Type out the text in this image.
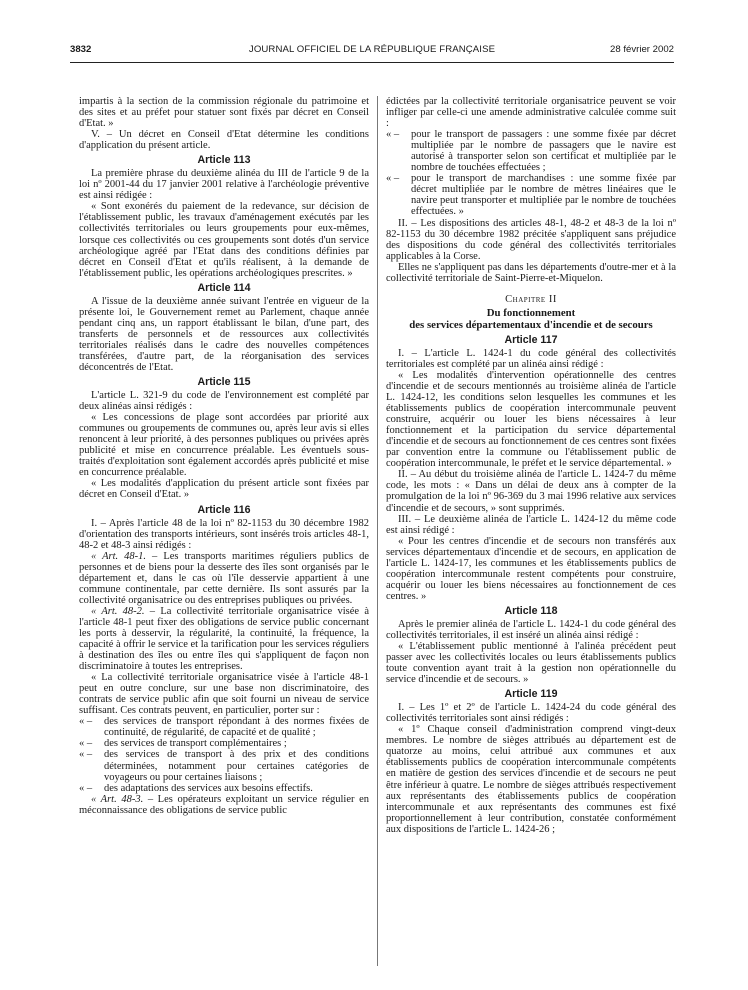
3832	JOURNAL OFFICIEL DE LA RÉPUBLIQUE FRANÇAISE	28 février 2002

impartis à la section de la commission régionale du patrimoine et des sites et au préfet pour statuer sont fixés par décret en Conseil d'Etat. »

V. – Un décret en Conseil d'Etat détermine les conditions d'application du présent article.

Article 113

La première phrase du deuxième alinéa du III de l'article 9 de la loi nº 2001-44 du 17 janvier 2001 relative à l'archéologie préventive est ainsi rédigée :

« Sont exonérés du paiement de la redevance, sur décision de l'établissement public, les travaux d'aménagement exécutés par les collectivités territoriales ou leurs groupements pour eux-mêmes, lorsque ces collectivités ou ces groupements sont dotés d'un service archéologique agréé par l'Etat dans des conditions définies par décret en Conseil d'Etat et qu'ils réalisent, à la demande de l'établissement public, les opérations archéologiques prescrites. »

Article 114

A l'issue de la deuxième année suivant l'entrée en vigueur de la présente loi, le Gouvernement remet au Parlement, chaque année pendant cinq ans, un rapport établissant le bilan, d'une part, des transferts de personnels et de ressources aux collectivités territoriales réalisés dans le cadre des nouvelles compétences transférées, d'autre part, de la réorganisation des services déconcentrés de l'Etat.

Article 115

L'article L. 321-9 du code de l'environnement est complété par deux alinéas ainsi rédigés :

« Les concessions de plage sont accordées par priorité aux communes ou groupements de communes ou, après leur avis si elles renoncent à leur priorité, à des personnes publiques ou privées après publicité et mise en concurrence préalable. Les éventuels sous-traités d'exploitation sont également accordés après publicité et mise en concurrence préalable.

« Les modalités d'application du présent article sont fixées par décret en Conseil d'Etat. »

Article 116

I. – Après l'article 48 de la loi nº 82-1153 du 30 décembre 1982 d'orientation des transports intérieurs, sont insérés trois articles 48-1, 48-2 et 48-3 ainsi rédigés :

« Art. 48-1. – Les transports maritimes réguliers publics de personnes et de biens pour la desserte des îles sont organisés par le département et, dans le cas où l'île desservie appartient à une commune continentale, par cette dernière. Ils sont assurés par la collectivité organisatrice ou des entreprises publiques ou privées.

« Art. 48-2. – La collectivité territoriale organisatrice visée à l'article 48-1 peut fixer des obligations de service public concernant les ports à desservir, la régularité, la continuité, la fréquence, la capacité à offrir le service et la tarification pour les services réguliers à destination des îles ou entre îles qui s'appliquent de façon non discriminatoire à toutes les entreprises.

« La collectivité territoriale organisatrice visée à l'article 48-1 peut en outre conclure, sur une base non discriminatoire, des contrats de service public afin que soit fourni un niveau de service suffisant. Ces contrats peuvent, en particulier, porter sur :

« – des services de transport répondant à des normes fixées de continuité, de régularité, de capacité et de qualité ;
« – des services de transport complémentaires ;
« – des services de transport à des prix et des conditions déterminées, notamment pour certaines catégories de voyageurs ou pour certaines liaisons ;
« – des adaptations des services aux besoins effectifs.

« Art. 48-3. – Les opérateurs exploitant un service régulier en méconnaissance des obligations de service public

édictées par la collectivité territoriale organisatrice peuvent se voir infliger par celle-ci une amende administrative calculée comme suit :

« – pour le transport de passagers : une somme fixée par décret multipliée par le nombre de passagers que le navire est autorisé à transporter selon son certificat et multipliée par le nombre de touchées effectuées ;
« – pour le transport de marchandises : une somme fixée par décret multipliée par le nombre de mètres linéaires que le navire peut transporter et multipliée par le nombre de touchées effectuées. »

II. – Les dispositions des articles 48-1, 48-2 et 48-3 de la loi nº 82-1153 du 30 décembre 1982 précitée s'appliquent sans préjudice des dispositions du code général des collectivités territoriales applicables à la Corse.

Elles ne s'appliquent pas dans les départements d'outre-mer et à la collectivité territoriale de Saint-Pierre-et-Miquelon.

Chapitre II
Du fonctionnement
des services départementaux d'incendie et de secours
Article 117

I. – L'article L. 1424-1 du code général des collectivités territoriales est complété par un alinéa ainsi rédigé :

« Les modalités d'intervention opérationnelle des centres d'incendie et de secours mentionnés au troisième alinéa de l'article L. 1424-12, les conditions selon lesquelles les communes et les établissements publics de coopération intercommunale peuvent construire, acquérir ou louer les biens nécessaires à leur fonctionnement et la participation du service départemental d'incendie et de secours au fonctionnement de ces centres sont fixées par convention entre la commune ou l'établissement public de coopération intercommunale, le préfet et le service départemental. »

II. – Au début du troisième alinéa de l'article L. 1424-7 du même code, les mots : « Dans un délai de deux ans à compter de la promulgation de la loi nº 96-369 du 3 mai 1996 relative aux services d'incendie et de secours, » sont supprimés.

III. – Le deuxième alinéa de l'article L. 1424-12 du même code est ainsi rédigé :

« Pour les centres d'incendie et de secours non transférés aux services départementaux d'incendie et de secours, en application de l'article L. 1424-17, les communes et les établissements publics de coopération intercommunale restent compétents pour construire, acquérir ou louer les biens nécessaires au fonctionnement de ces centres. »

Article 118

Après le premier alinéa de l'article L. 1424-1 du code général des collectivités territoriales, il est inséré un alinéa ainsi rédigé :

« L'établissement public mentionné à l'alinéa précédent peut passer avec les collectivités locales ou leurs établissements publics toute convention ayant trait à la gestion non opérationnelle du service d'incendie et de secours. »

Article 119

I. – Les 1º et 2º de l'article L. 1424-24 du code général des collectivités territoriales sont ainsi rédigés :

« 1º Chaque conseil d'administration comprend vingt-deux membres. Le nombre de sièges attribués au département est de quatorze au moins, celui attribué aux communes et aux établissements publics de coopération intercommunale compétents en matière de gestion des services d'incendie et de secours ne peut être inférieur à quatre. Le nombre de sièges attribués respectivement aux représentants des établissements publics de coopération intercommunale et aux représentants des communes est fixé proportionnellement à leur contribution, constatée conformément aux dispositions de l'article L. 1424-26 ;
